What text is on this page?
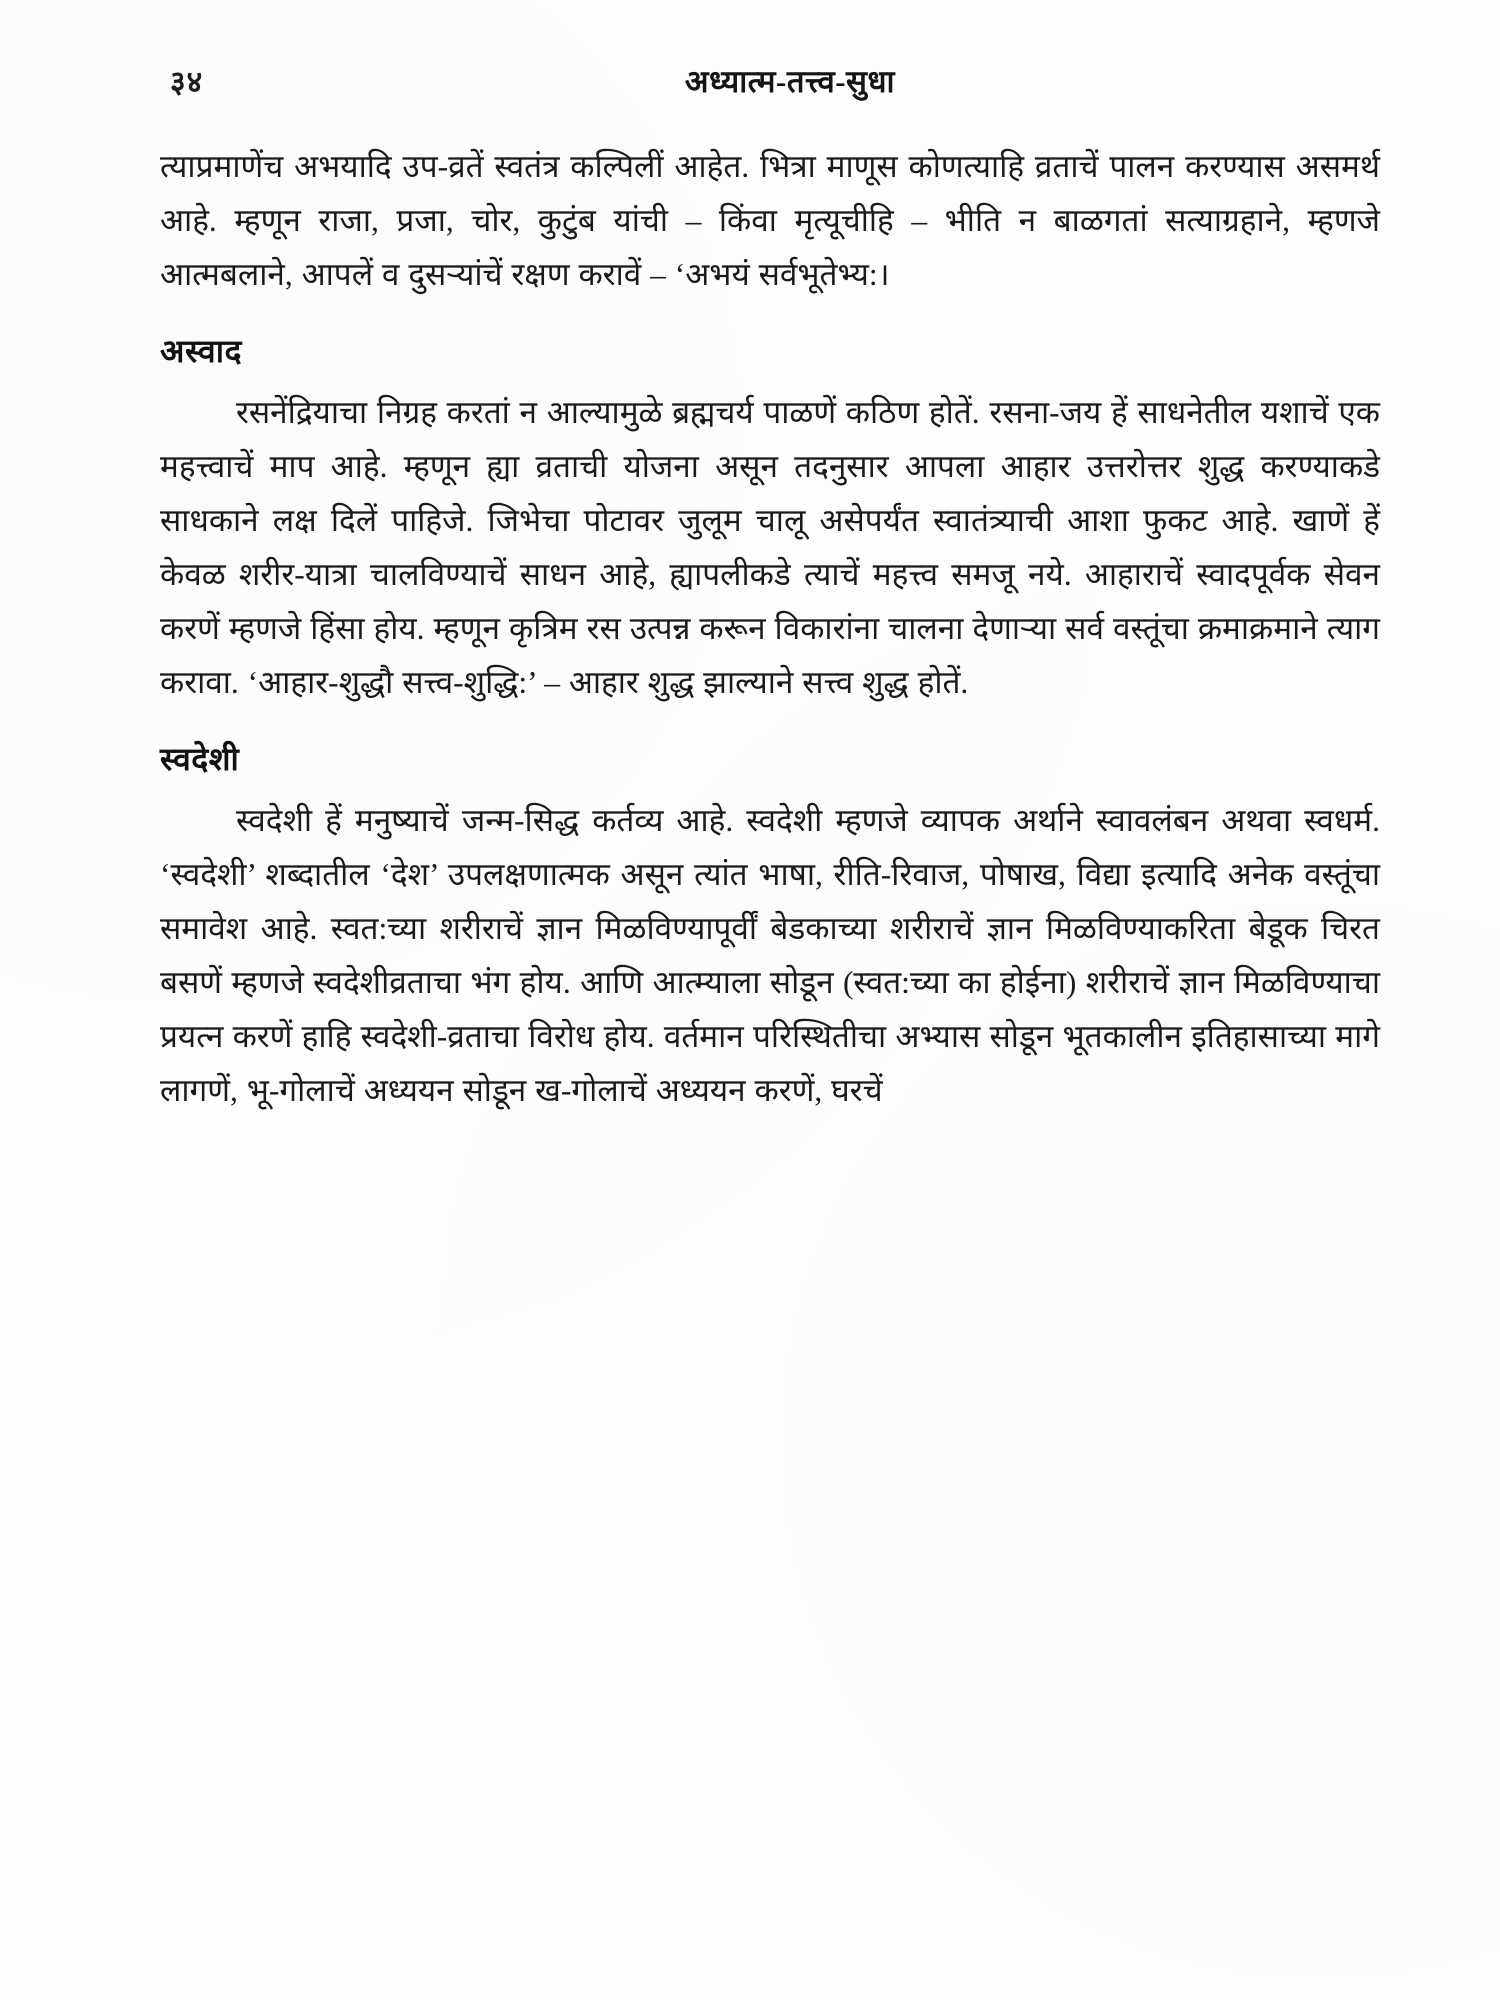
३४	अध्यात्म-तत्त्व-सुधा

त्याप्रमाणेंच अभयादि उप-व्रतें स्वतंत्र कल्पिलीं आहेत. भित्रा माणूस कोणत्याहि व्रताचें पालन करण्यास असमर्थ आहे. म्हणून राजा, प्रजा, चोर, कुटुंब यांची – किंवा मृत्यूचीहि – भीति न बाळगतां सत्याग्रहाने, म्हणजे आत्मबलाने, आपलें व दुसऱ्यांचें रक्षण करावें – ‘अभयं सर्वभूतेभ्य:।

अस्वाद

रसनेंद्रियाचा निग्रह करतां न आल्यामुळे ब्रह्मचर्य पाळणें कठिण होतें. रसना-जय हें साधनेतील यशाचें एक महत्त्वाचें माप आहे. म्हणून ह्या व्रताची योजना असून तदनुसार आपला आहार उत्तरोत्तर शुद्ध करण्याकडे साधकाने लक्ष दिलें पाहिजे. जिभेचा पोटावर जुलूम चालू असेपर्यंत स्वातंत्र्याची आशा फुकट आहे. खाणें हें केवळ शरीर-यात्रा चालविण्याचें साधन आहे, ह्यापलीकडे त्याचें महत्त्व समजू नये. आहाराचें स्वादपूर्वक सेवन करणें म्हणजे हिंसा होय. म्हणून कृत्रिम रस उत्पन्न करून विकारांना चालना देणाऱ्या सर्व वस्तूंचा क्रमाक्रमाने त्याग करावा. ‘आहार-शुद्धौ सत्त्व-शुद्धि:’ – आहार शुद्ध झाल्याने सत्त्व शुद्ध होतें.

स्वदेशी

स्वदेशी हें मनुष्याचें जन्म-सिद्ध कर्तव्य आहे. स्वदेशी म्हणजे व्यापक अर्थाने स्वावलंबन अथवा स्वधर्म. ‘स्वदेशी’ शब्दातील ‘देश’ उपलक्षणात्मक असून त्यांत भाषा, रीति-रिवाज, पोषाख, विद्या इत्यादि अनेक वस्तूंचा समावेश आहे. स्वत:च्या शरीराचें ज्ञान मिळविण्यापूर्वीं बेडकाच्या शरीराचें ज्ञान मिळविण्याकरिता बेडूक चिरत बसणें म्हणजे स्वदेशीव्रताचा भंग होय. आणि आत्म्याला सोडून (स्वत:च्या का होईना) शरीराचें ज्ञान मिळविण्याचा प्रयत्न करणें हाहि स्वदेशी-व्रताचा विरोध होय. वर्तमान परिस्थितीचा अभ्यास सोडून भूतकालीन इतिहासाच्या मागे लागणें, भू-गोलाचें अध्ययन सोडून ख-गोलाचें अध्ययन करणें, घरचें
